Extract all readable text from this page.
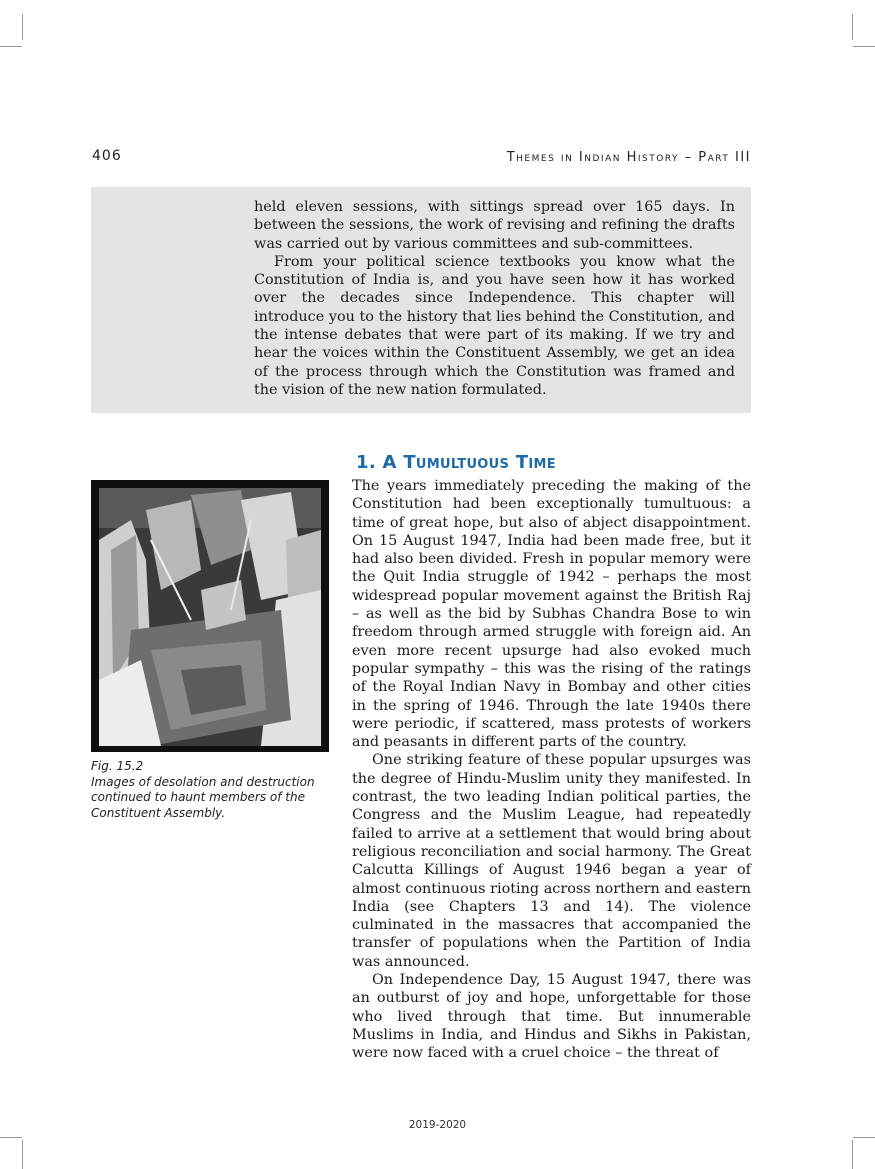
406	Themes in Indian History – Part III

held eleven sessions, with sittings spread over 165 days. In between the sessions, the work of revising and refining the drafts was carried out by various committees and sub-committees.

From your political science textbooks you know what the Constitution of India is, and you have seen how it has worked over the decades since Independence. This chapter will introduce you to the history that lies behind the Constitution, and the intense debates that were part of its making. If we try and hear the voices within the Constituent Assembly, we get an idea of the process through which the Constitution was framed and the vision of the new nation formulated.

1. A Tumultuous Time

The years immediately preceding the making of the Constitution had been exceptionally tumultuous: a time of great hope, but also of abject disappointment. On 15 August 1947, India had been made free, but it had also been divided. Fresh in popular memory were the Quit India struggle of 1942 – perhaps the most widespread popular movement against the British Raj – as well as the bid by Subhas Chandra Bose to win freedom through armed struggle with foreign aid. An even more recent upsurge had also evoked much popular sympathy – this was the rising of the ratings of the Royal Indian Navy in Bombay and other cities in the spring of 1946. Through the late 1940s there were periodic, if scattered, mass protests of workers and peasants in different parts of the country.

One striking feature of these popular upsurges was the degree of Hindu-Muslim unity they manifested. In contrast, the two leading Indian political parties, the Congress and the Muslim League, had repeatedly failed to arrive at a settlement that would bring about religious reconciliation and social harmony. The Great Calcutta Killings of August 1946 began a year of almost continuous rioting across northern and eastern India (see Chapters 13 and 14). The violence culminated in the massacres that accompanied the transfer of populations when the Partition of India was announced.

On Independence Day, 15 August 1947, there was an outburst of joy and hope, unforgettable for those who lived through that time. But innumerable Muslims in India, and Hindus and Sikhs in Pakistan, were now faced with a cruel choice – the threat of

Fig. 15.2
Images of desolation and destruction continued to haunt members of the Constituent Assembly.
2019-2020
